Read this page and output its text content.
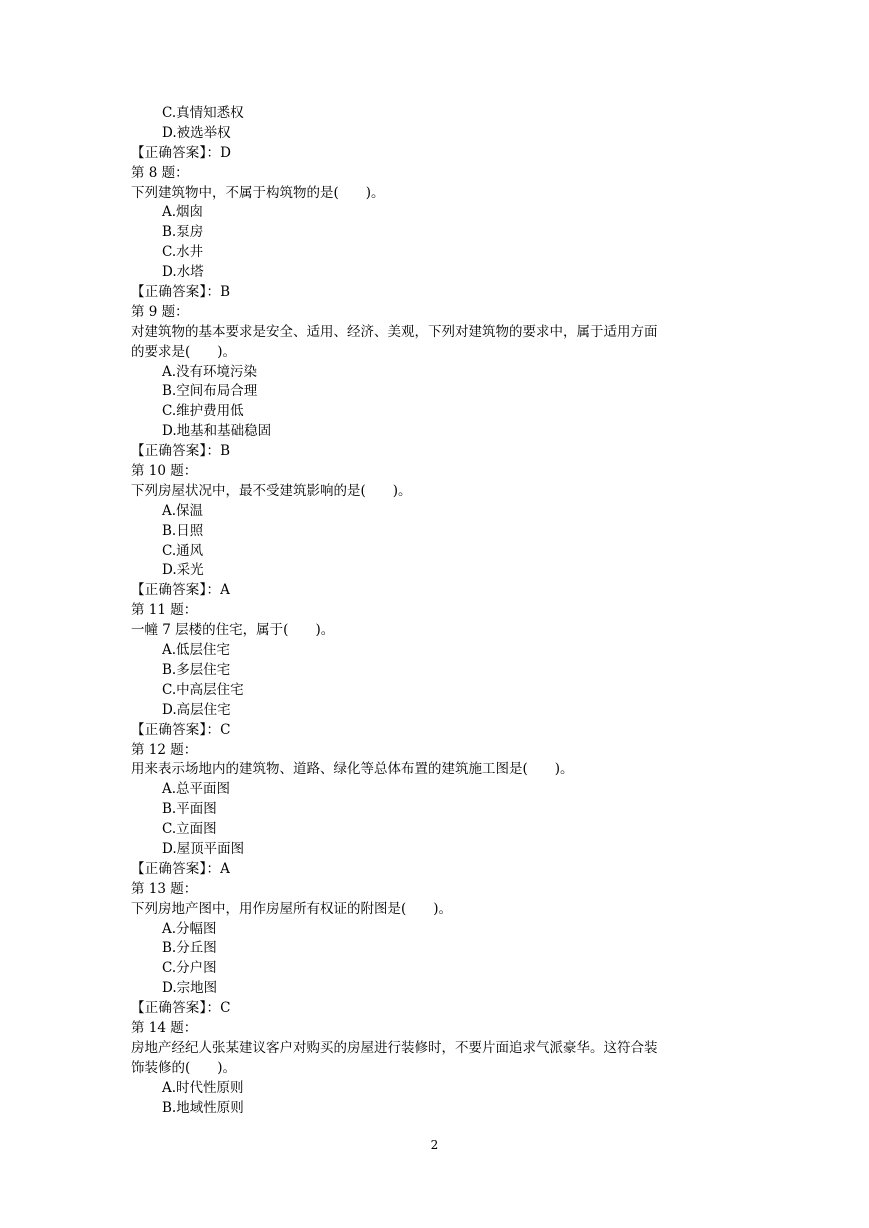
C.真情知悉权
D.被选举权
【正确答案】：D
第 8 题：
下列建筑物中，不属于构筑物的是(　　)。
A.烟囱
B.泵房
C.水井
D.水塔
【正确答案】：B
第 9 题：
对建筑物的基本要求是安全、适用、经济、美观，下列对建筑物的要求中，属于适用方面
的要求是(　　)。
A.没有环境污染
B.空间布局合理
C.维护费用低
D.地基和基础稳固
【正确答案】：B
第 10 题：
下列房屋状况中，最不受建筑影响的是(　　)。
A.保温
B.日照
C.通风
D.采光
【正确答案】：A
第 11 题：
一幢 7 层楼的住宅，属于(　　)。
A.低层住宅
B.多层住宅
C.中高层住宅
D.高层住宅
【正确答案】：C
第 12 题：
用来表示场地内的建筑物、道路、绿化等总体布置的建筑施工图是(　　)。
A.总平面图
B.平面图
C.立面图
D.屋顶平面图
【正确答案】：A
第 13 题：
下列房地产图中，用作房屋所有权证的附图是(　　)。
A.分幅图
B.分丘图
C.分户图
D.宗地图
【正确答案】：C
第 14 题：
房地产经纪人张某建议客户对购买的房屋进行装修时，不要片面追求气派豪华。这符合装
饰装修的(　　)。
A.时代性原则
B.地域性原则
2
